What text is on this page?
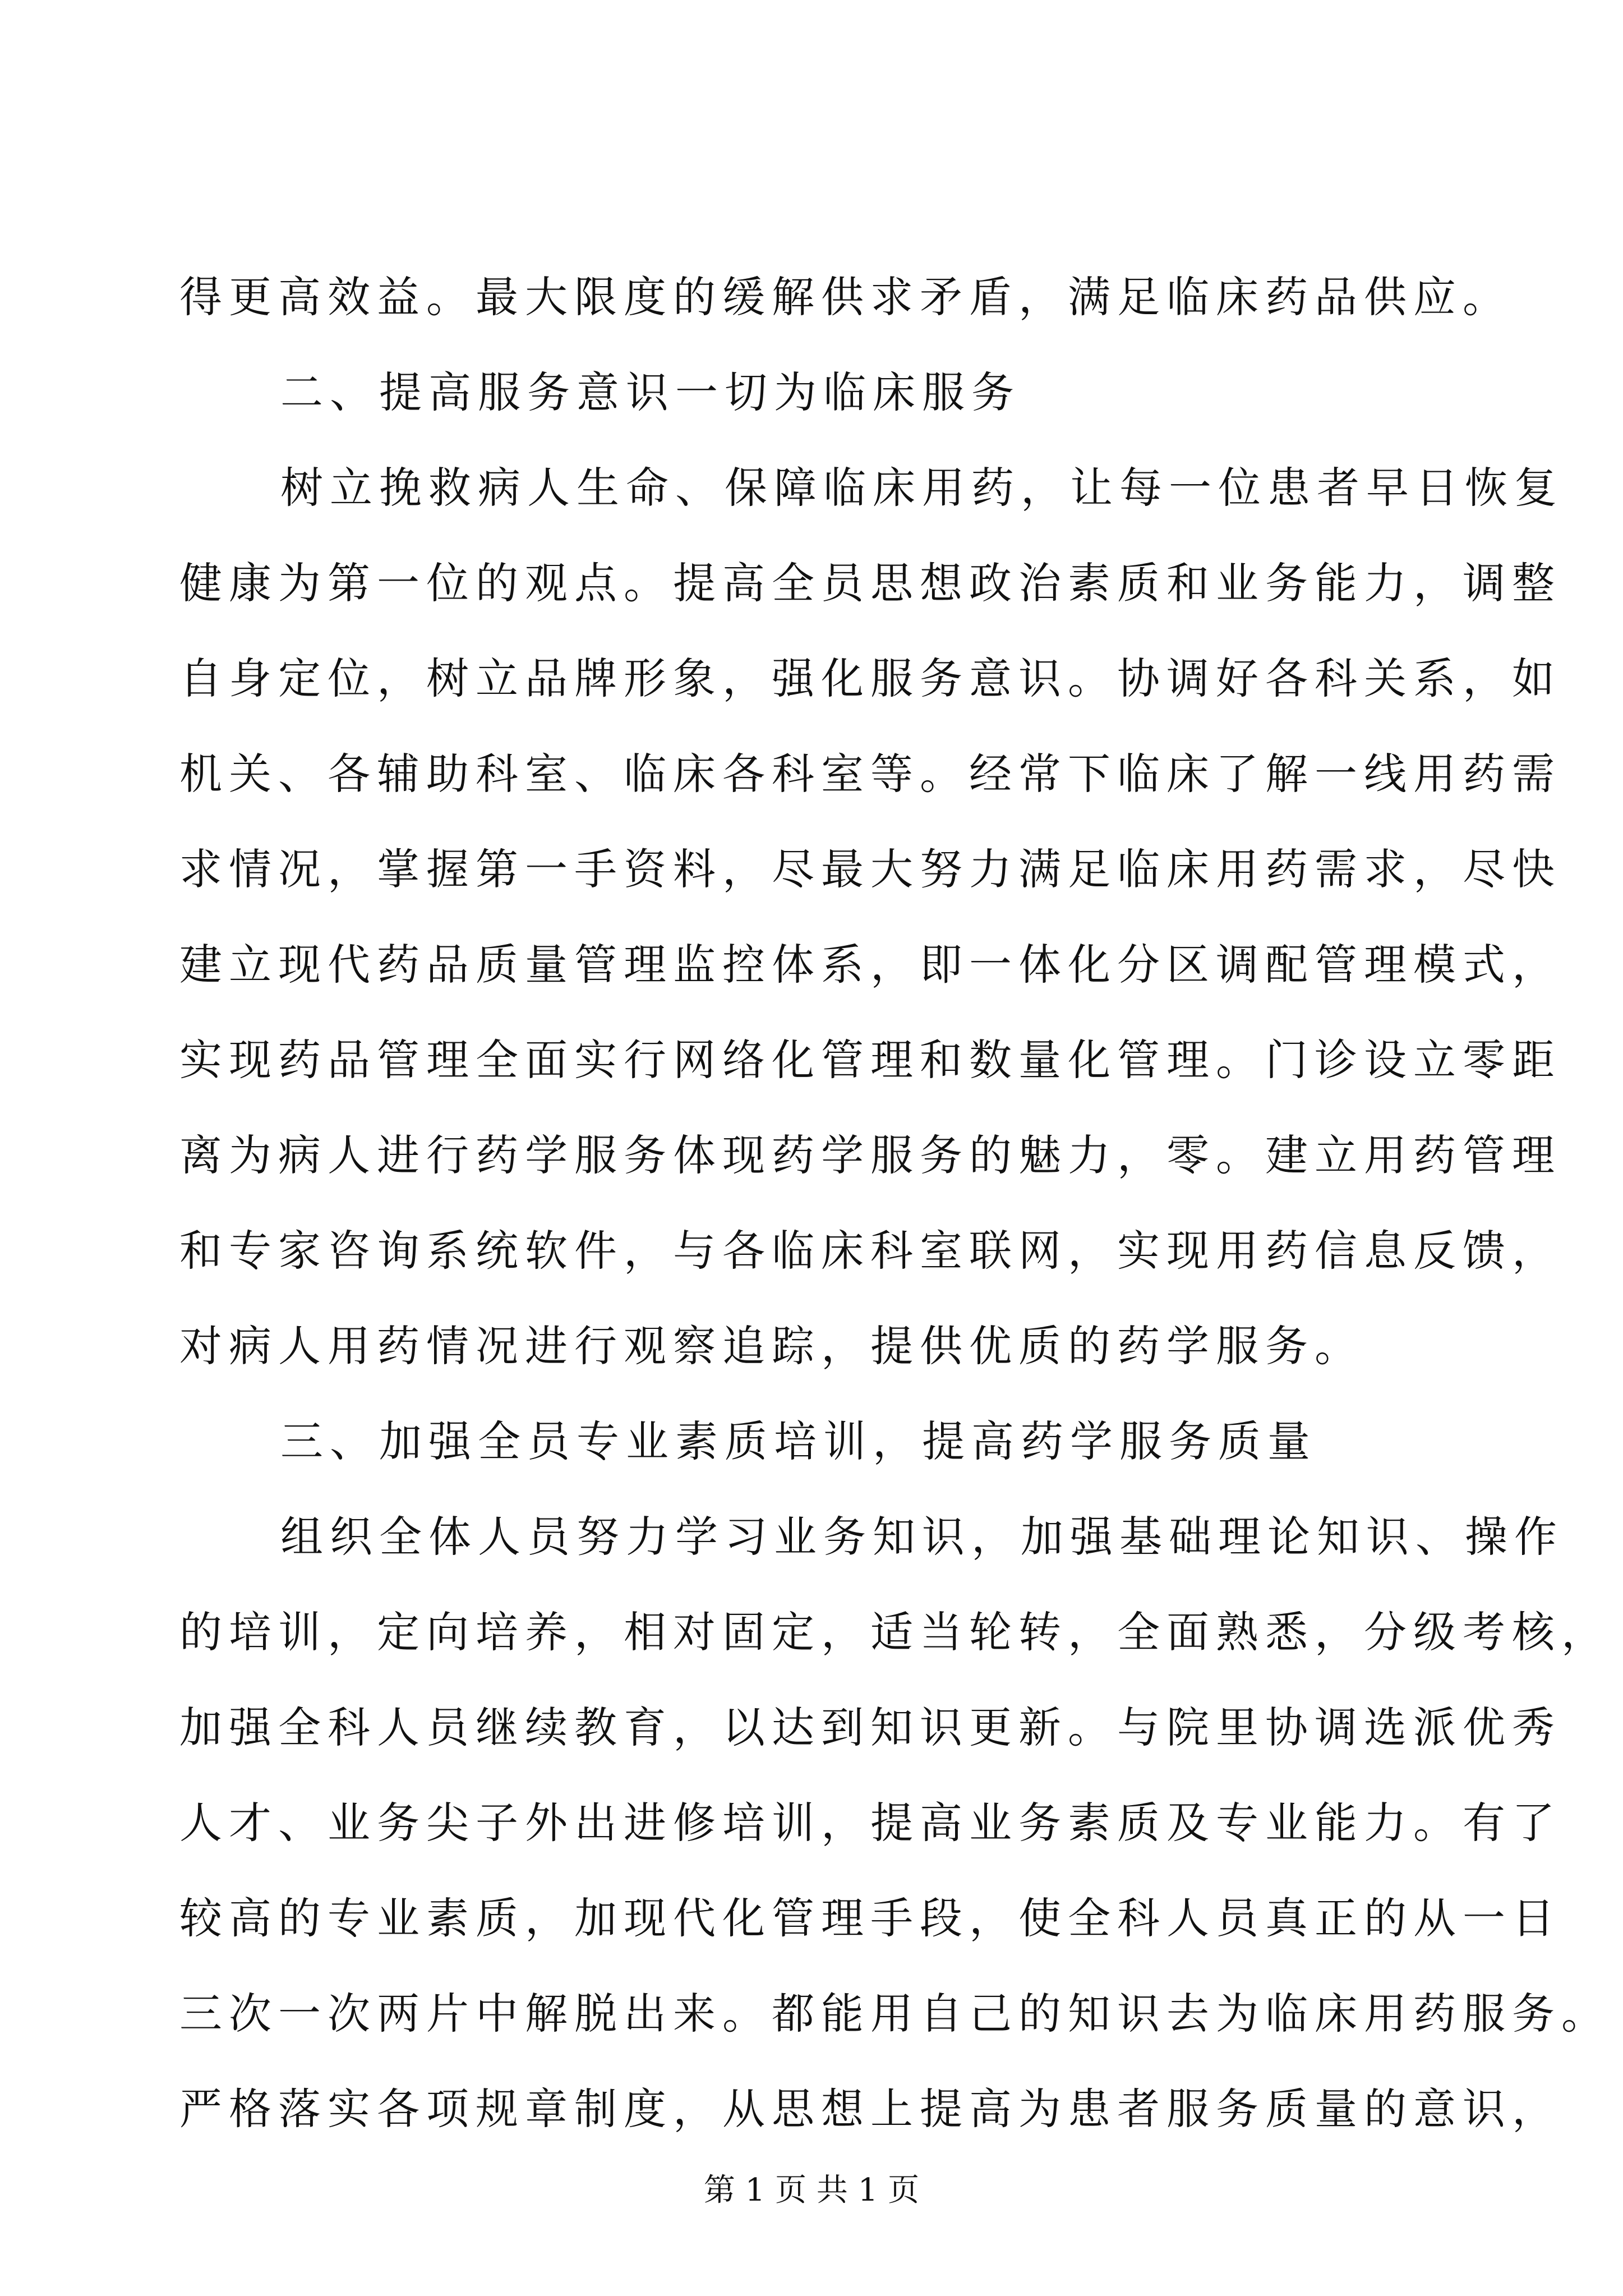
得更高效益。最大限度的缓解供求矛盾，满足临床药品供应。
二、提高服务意识一切为临床服务
树立挽救病人生命、保障临床用药，让每一位患者早日恢复
健康为第一位的观点。提高全员思想政治素质和业务能力，调整
自身定位，树立品牌形象，强化服务意识。协调好各科关系，如
机关、各辅助科室、临床各科室等。经常下临床了解一线用药需
求情况，掌握第一手资料，尽最大努力满足临床用药需求，尽快
建立现代药品质量管理监控体系，即一体化分区调配管理模式，
实现药品管理全面实行网络化管理和数量化管理。门诊设立零距
离为病人进行药学服务体现药学服务的魅力，零。建立用药管理
和专家咨询系统软件，与各临床科室联网，实现用药信息反馈，
对病人用药情况进行观察追踪，提供优质的药学服务。
三、加强全员专业素质培训，提高药学服务质量
组织全体人员努力学习业务知识，加强基础理论知识、操作
的培训，定向培养，相对固定，适当轮转，全面熟悉，分级考核，
加强全科人员继续教育，以达到知识更新。与院里协调选派优秀
人才、业务尖子外出进修培训，提高业务素质及专业能力。有了
较高的专业素质，加现代化管理手段，使全科人员真正的从一日
三次一次两片中解脱出来。都能用自己的知识去为临床用药服务。
严格落实各项规章制度，从思想上提高为患者服务质量的意识，
第 1 页 共 1 页
